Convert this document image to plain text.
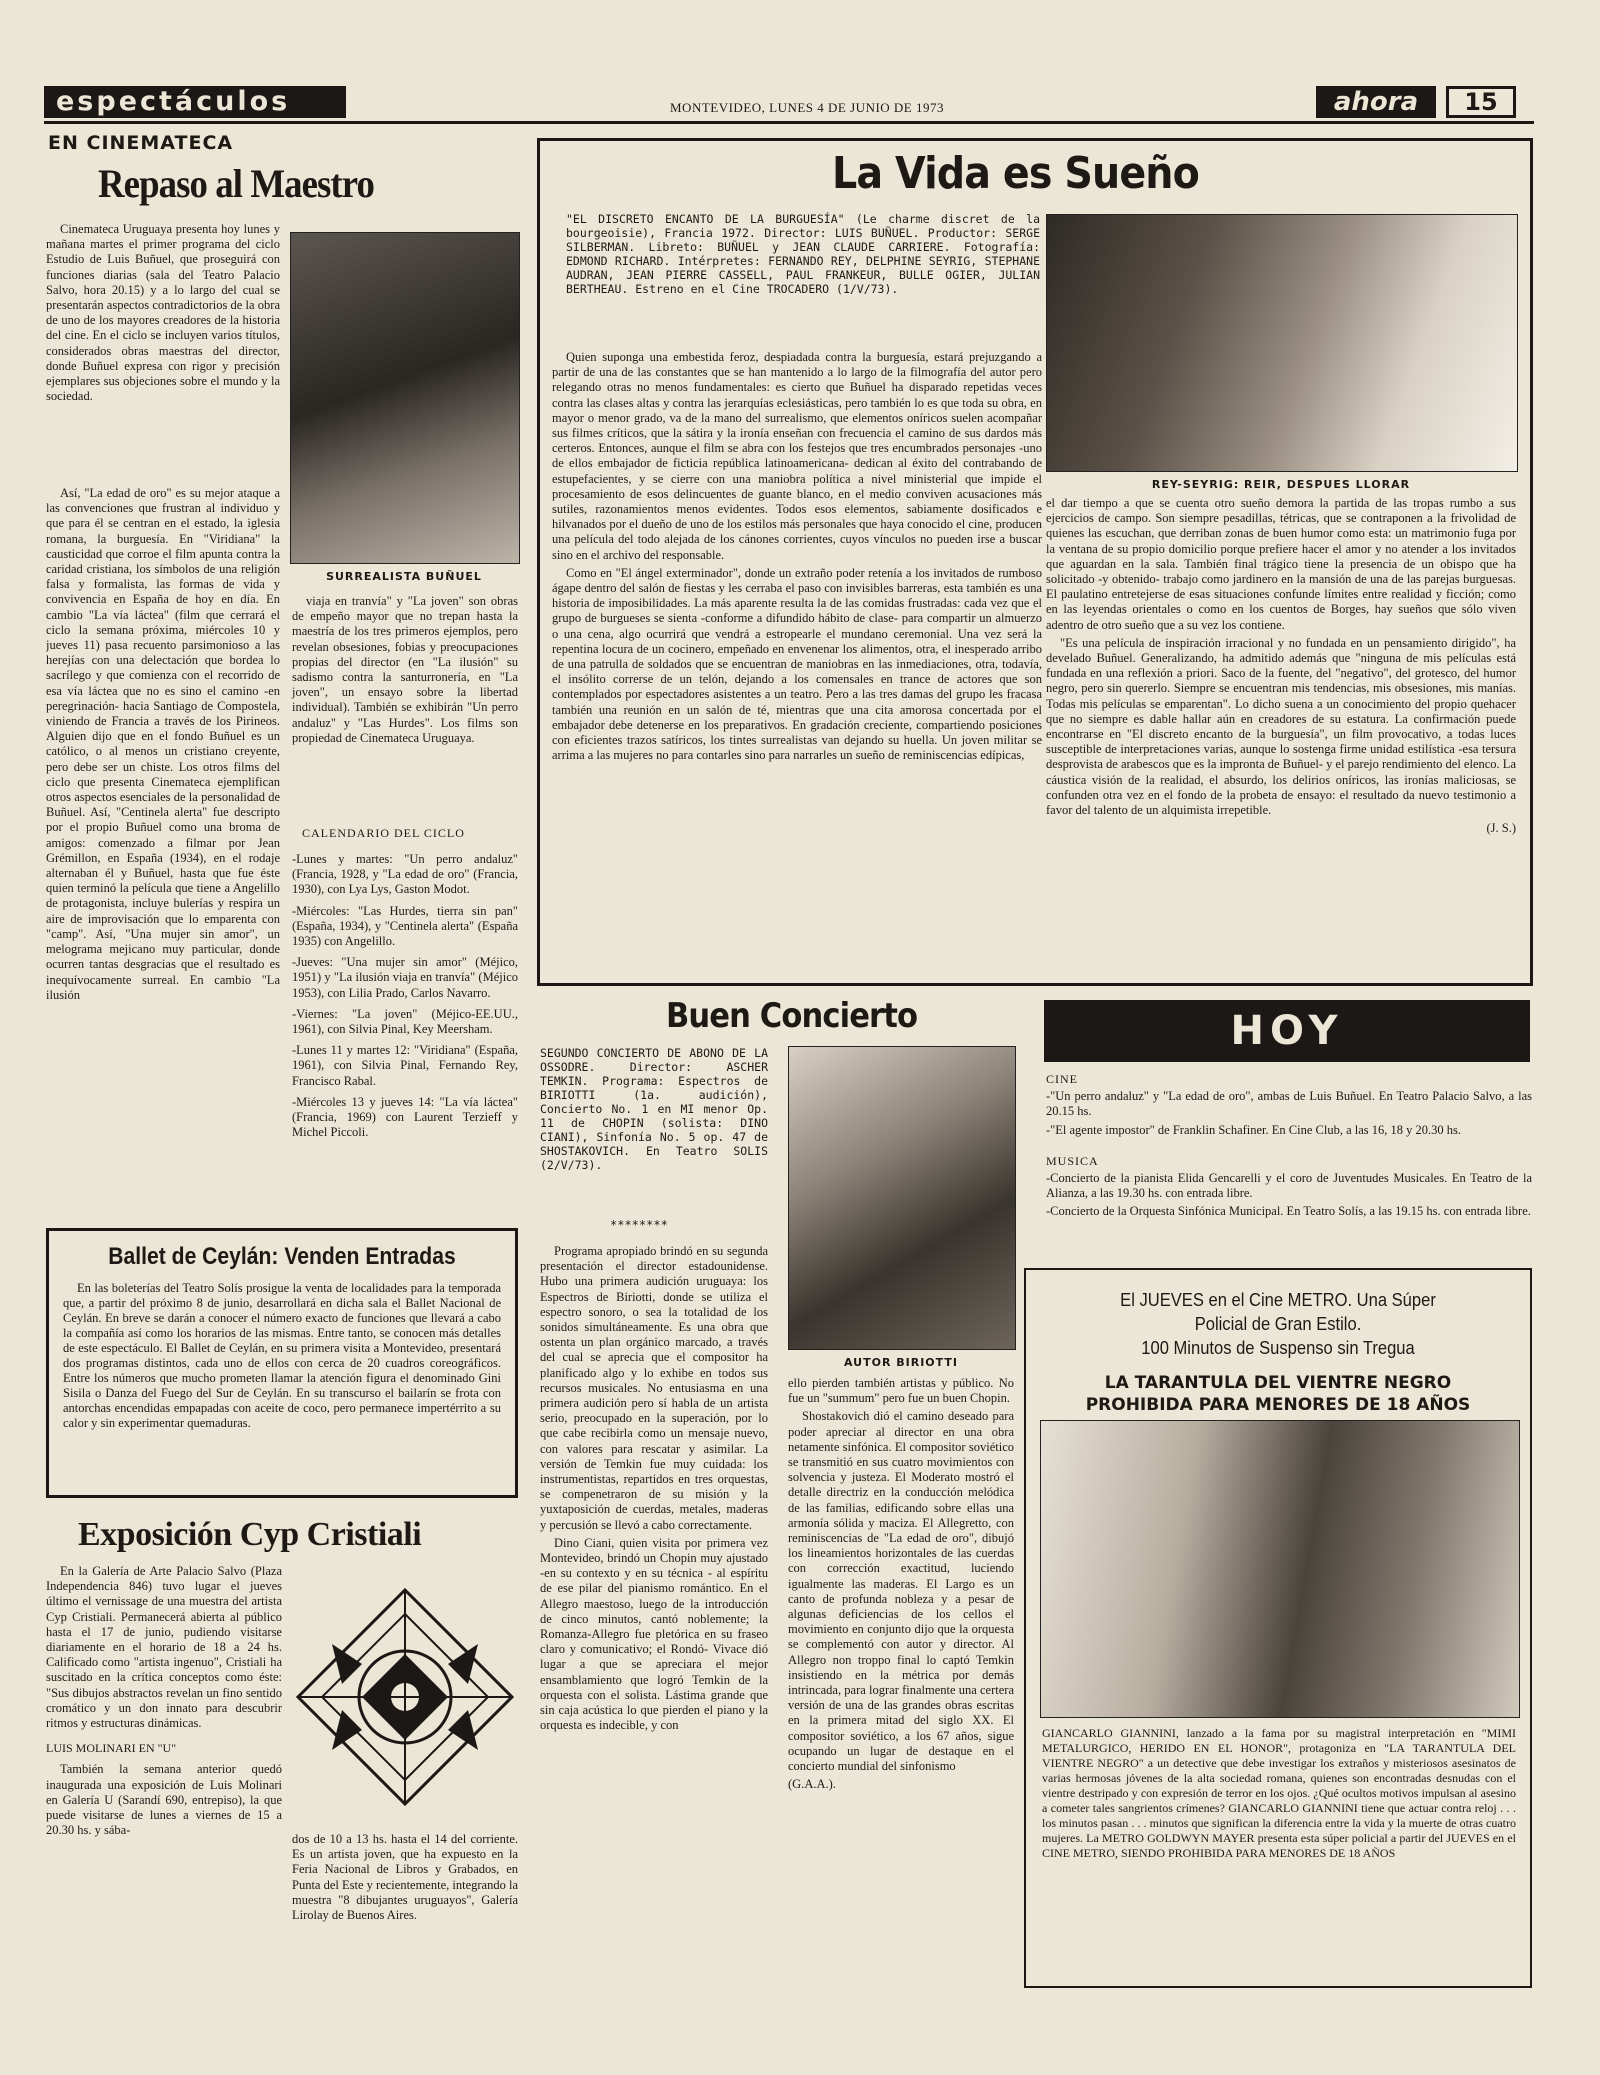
espectáculos	MONTEVIDEO, LUNES 4 DE JUNIO DE 1973	ahora	15
EN CINEMATECA
Repaso al Maestro

Cinemateca Uruguaya presenta hoy lunes y mañana martes el primer programa del ciclo Estudio de Luis Buñuel, que proseguirá con funciones diarias (sala del Teatro Palacio Salvo, hora 20.15) y a lo largo del cual se presentarán aspectos contradictorios de la obra de uno de los mayores creadores de la historia del cine. En el ciclo se incluyen varios títulos, considerados obras maestras del director, donde Buñuel expresa con rigor y precisión ejemplares sus objeciones sobre el mundo y la sociedad.

SURREALISTA BUÑUEL

Así, "La edad de oro" es su mejor ataque a las convenciones que frustran al individuo y que para él se centran en el estado, la iglesia romana, la burguesía. En "Viridiana" la causticidad que corroe el film apunta contra la caridad cristiana, los símbolos de una religión falsa y formalista, las formas de vida y convivencia en España de hoy en día. En cambio "La vía láctea" (film que cerrará el ciclo la semana próxima, miércoles 10 y jueves 11) pasa recuento parsimonioso a las herejías con una delectación que bordea lo sacrílego y que comienza con el recorrido de esa vía láctea que no es sino el camino -en peregrinación- hacia Santiago de Compostela, viniendo de Francia a través de los Pirineos. Alguien dijo que en el fondo Buñuel es un católico, o al menos un cristiano creyente, pero debe ser un chiste. Los otros films del ciclo que presenta Cinemateca ejemplifican otros aspectos esenciales de la personalidad de Buñuel. Así, "Centinela alerta" fue descripto por el propio Buñuel como una broma de amigos: comenzado a filmar por Jean Grémillon, en España (1934), en el rodaje alternaban él y Buñuel, hasta que fue éste quien terminó la película que tiene a Angelillo de protagonista, incluye bulerías y respira un aire de improvisación que lo emparenta con "camp". Así, "Una mujer sin amor", un melograma mejicano muy particular, donde ocurren tantas desgracias que el resultado es inequívocamente surreal. En cambio "La ilusión

viaja en tranvía" y "La joven" son obras de empeño mayor que no trepan hasta la maestría de los tres primeros ejemplos, pero revelan obsesiones, fobias y preocupaciones propias del director (en "La ilusión" su sadismo contra la santurronería, en "La joven", un ensayo sobre la libertad individual). También se exhibirán "Un perro andaluz" y "Las Hurdes". Los films son propiedad de Cinemateca Uruguaya.

CALENDARIO DEL CICLO

-Lunes y martes: "Un perro andaluz" (Francia, 1928, y "La edad de oro" (Francia, 1930), con Lya Lys, Gaston Modot.

-Miércoles: "Las Hurdes, tierra sin pan" (España, 1934), y "Centinela alerta" (España 1935) con Angelillo.

-Jueves: "Una mujer sin amor" (Méjico, 1951) y "La ilusión viaja en tranvía" (Méjico 1953), con Lilia Prado, Carlos Navarro.

-Viernes: "La joven" (Méjico-EE.UU., 1961), con Silvia Pinal, Key Meersham.

-Lunes 11 y martes 12: "Viridiana" (España, 1961), con Silvia Pinal, Fernando Rey, Francisco Rabal.

-Miércoles 13 y jueves 14: "La vía láctea" (Francia, 1969) con Laurent Terzieff y Michel Piccoli.

Ballet de Ceylán: Venden Entradas

En las boleterías del Teatro Solís prosigue la venta de localidades para la temporada que, a partir del próximo 8 de junio, desarrollará en dicha sala el Ballet Nacional de Ceylán. En breve se darán a conocer el número exacto de funciones que llevará a cabo la compañía así como los horarios de las mismas. Entre tanto, se conocen más detalles de este espectáculo. El Ballet de Ceylán, en su primera visita a Montevideo, presentará dos programas distintos, cada uno de ellos con cerca de 20 cuadros coreográficos. Entre los números que mucho prometen llamar la atención figura el denominado Gini Sisila o Danza del Fuego del Sur de Ceylán. En su transcurso el bailarín se frota con antorchas encendidas empapadas con aceite de coco, pero permanece impertérrito a su calor y sin experimentar quemaduras.

Exposición Cyp Cristiali

En la Galería de Arte Palacio Salvo (Plaza Independencia 846) tuvo lugar el jueves último el vernissage de una muestra del artista Cyp Cristiali. Permanecerá abierta al público hasta el 17 de junio, pudiendo visitarse diariamente en el horario de 18 a 24 hs. Calificado como "artista ingenuo", Cristiali ha suscitado en la crítica conceptos como éste: "Sus dibujos abstractos revelan un fino sentido cromático y un don innato para descubrir ritmos y estructuras dinámicas.

LUIS MOLINARI EN "U"

También la semana anterior quedó inaugurada una exposición de Luis Molinari en Galería U (Sarandí 690, entrepiso), la que puede visitarse de lunes a viernes de 15 a 20.30 hs. y sába-

dos de 10 a 13 hs. hasta el 14 del corriente. Es un artista joven, que ha expuesto en la Feria Nacional de Libros y Grabados, en Punta del Este y recientemente, integrando la muestra "8 dibujantes uruguayos", Galería Lirolay de Buenos Aires.

La Vida es Sueño
"EL DISCRETO ENCANTO DE LA BURGUESÍA" (Le charme discret de la bourgeoisie), Francia 1972. Director: LUIS BUÑUEL. Productor: SERGE SILBERMAN. Libreto: BUÑUEL y JEAN CLAUDE CARRIERE. Fotografía: EDMOND RICHARD. Intérpretes: FERNANDO REY, DELPHINE SEYRIG, STEPHANE AUDRAN, JEAN PIERRE CASSELL, PAUL FRANKEUR, BULLE OGIER, JULIAN BERTHEAU. Estreno en el Cine TROCADERO (1/V/73).

Quien suponga una embestida feroz, despiadada contra la burguesía, estará prejuzgando a partir de una de las constantes que se han mantenido a lo largo de la filmografía del autor pero relegando otras no menos fundamentales: es cierto que Buñuel ha disparado repetidas veces contra las clases altas y contra las jerarquías eclesiásticas, pero también lo es que toda su obra, en mayor o menor grado, va de la mano del surrealismo, que elementos oníricos suelen acompañar sus filmes críticos, que la sátira y la ironía enseñan con frecuencia el camino de sus dardos más certeros. Entonces, aunque el film se abra con los festejos que tres encumbrados personajes -uno de ellos embajador de ficticia república latinoamericana- dedican al éxito del contrabando de estupefacientes, y se cierre con una maniobra política a nivel ministerial que impide el procesamiento de esos delincuentes de guante blanco, en el medio conviven acusaciones más sutiles, razonamientos menos evidentes. Todos esos elementos, sabiamente dosificados e hilvanados por el dueño de uno de los estilos más personales que haya conocido el cine, producen una película del todo alejada de los cánones corrientes, cuyos vínculos no pueden irse a buscar sino en el archivo del responsable.

Como en "El ángel exterminador", donde un extraño poder retenía a los invitados de rumboso ágape dentro del salón de fiestas y les cerraba el paso con invisibles barreras, esta también es una historia de imposibilidades. La más aparente resulta la de las comidas frustradas: cada vez que el grupo de burgueses se sienta -conforme a difundido hábito de clase- para compartir un almuerzo o una cena, algo ocurrirá que vendrá a estropearle el mundano ceremonial. Una vez será la repentina locura de un cocinero, empeñado en envenenar los alimentos, otra, el inesperado arribo de una patrulla de soldados que se encuentran de maniobras en las inmediaciones, otra, todavía, el insólito correrse de un telón, dejando a los comensales en trance de actores que son contemplados por espectadores asistentes a un teatro. Pero a las tres damas del grupo les fracasa también una reunión en un salón de té, mientras que una cita amorosa concertada por el embajador debe detenerse en los preparativos. En gradación creciente, compartiendo posiciones con eficientes trazos satíricos, los tintes surrealistas van dejando su huella. Un joven militar se arrima a las mujeres no para contarles sino para narrarles un sueño de reminiscencias edípicas,

REY-SEYRIG: REIR, DESPUES LLORAR

el dar tiempo a que se cuenta otro sueño demora la partida de las tropas rumbo a sus ejercicios de campo. Son siempre pesadillas, tétricas, que se contraponen a la frivolidad de quienes las escuchan, que derriban zonas de buen humor como esta: un matrimonio fuga por la ventana de su propio domicilio porque prefiere hacer el amor y no atender a los invitados que aguardan en la sala. También final trágico tiene la presencia de un obispo que ha solicitado -y obtenido- trabajo como jardinero en la mansión de una de las parejas burguesas. El paulatino entretejerse de esas situaciones confunde límites entre realidad y ficción; como en las leyendas orientales o como en los cuentos de Borges, hay sueños que sólo viven adentro de otro sueño que a su vez los contiene.

"Es una película de inspiración irracional y no fundada en un pensamiento dirigido", ha develado Buñuel. Generalizando, ha admitido además que "ninguna de mis películas está fundada en una reflexión a priori. Saco de la fuente, del "negativo", del grotesco, del humor negro, pero sin quererlo. Siempre se encuentran mis tendencias, mis obsesiones, mis manías. Todas mis películas se emparentan". Lo dicho suena a un conocimiento del propio quehacer que no siempre es dable hallar aún en creadores de su estatura. La confirmación puede encontrarse en "El discreto encanto de la burguesía", un film provocativo, a todas luces susceptible de interpretaciones varias, aunque lo sostenga firme unidad estilística -esa tersura desprovista de arabescos que es la impronta de Buñuel- y el parejo rendimiento del elenco. La cáustica visión de la realidad, el absurdo, los delirios oníricos, las ironías maliciosas, se confunden otra vez en el fondo de la probeta de ensayo: el resultado da nuevo testimonio a favor del talento de un alquimista irrepetible.

(J. S.)
Buen Concierto
SEGUNDO CONCIERTO DE ABONO DE LA OSSODRE. Director: ASCHER TEMKIN. Programa: Espectros de BIRIOTTI (1a. audición), Concierto No. 1 en MI menor Op. 11 de CHOPIN (solista: DINO CIANI), Sinfonía No. 5 op. 47 de SHOSTAKOVICH. En Teatro SOLIS (2/V/73).
********

Programa apropiado brindó en su segunda presentación el director estadounidense. Hubo una primera audición uruguaya: los Espectros de Biriotti, donde se utiliza el espectro sonoro, o sea la totalidad de los sonidos simultáneamente. Es una obra que ostenta un plan orgánico marcado, a través del cual se aprecia que el compositor ha planificado algo y lo exhibe en todos sus recursos musicales. No entusiasma en una primera audición pero sí habla de un artista serio, preocupado en la superación, por lo que cabe recibirla como un mensaje nuevo, con valores para rescatar y asimilar. La versión de Temkin fue muy cuidada: los instrumentistas, repartidos en tres orquestas, se compenetraron de su misión y la yuxtaposición de cuerdas, metales, maderas y percusión se llevó a cabo correctamente.

Dino Ciani, quien visita por primera vez Montevideo, brindó un Chopin muy ajustado -en su contexto y en su técnica - al espíritu de ese pilar del pianismo romántico. En el Allegro maestoso, luego de la introducción de cinco minutos, cantó noblemente; la Romanza-Allegro fue pletórica en su fraseo claro y comunicativo; el Rondó- Vivace dió lugar a que se apreciara el mejor ensamblamiento que logró Temkin de la orquesta con el solista. Lástima grande que sin caja acústica lo que pierden el piano y la orquesta es indecible, y con

AUTOR BIRIOTTI

ello pierden también artistas y público. No fue un "summum" pero fue un buen Chopin.

Shostakovich dió el camino deseado para poder apreciar al director en una obra netamente sinfónica. El compositor soviético se transmitió en sus cuatro movimientos con solvencia y justeza. El Moderato mostró el detalle directriz en la conducción melódica de las familias, edificando sobre ellas una armonía sólida y maciza. El Allegretto, con reminiscencias de "La edad de oro", dibujó los lineamientos horizontales de las cuerdas con corrección exactitud, luciendo igualmente las maderas. El Largo es un canto de profunda nobleza y a pesar de algunas deficiencias de los cellos el movimiento en conjunto dijo que la orquesta se complementó con autor y director. Al Allegro non troppo final lo captó Temkin insistiendo en la métrica por demás intrincada, para lograr finalmente una certera versión de una de las grandes obras escritas en la primera mitad del siglo XX. El compositor soviético, a los 67 años, sigue ocupando un lugar de destaque en el concierto mundial del sinfonismo

(G.A.A.).
HOY
CINE

-"Un perro andaluz" y "La edad de oro", ambas de Luis Buñuel. En Teatro Palacio Salvo, a las 20.15 hs.

-"El agente impostor" de Franklin Schafiner. En Cine Club, a las 16, 18 y 20.30 hs.

MUSICA

-Concierto de la pianista Elida Gencarelli y el coro de Juventudes Musicales. En Teatro de la Alianza, a las 19.30 hs. con entrada libre.

-Concierto de la Orquesta Sinfónica Municipal. En Teatro Solís, a las 19.15 hs. con entrada libre.

El JUEVES en el Cine METRO. Una Súper
Policial de Gran Estilo.
100 Minutos de Suspenso sin Tregua
LA TARANTULA DEL VIENTRE NEGRO
PROHIBIDA PARA MENORES DE 18 AÑOS

GIANCARLO GIANNINI, lanzado a la fama por su magistral interpretación en "MIMI METALURGICO, HERIDO EN EL HONOR", protagoniza en "LA TARANTULA DEL VIENTRE NEGRO" a un detective que debe investigar los extraños y misteriosos asesinatos de varias hermosas jóvenes de la alta sociedad romana, quienes son encontradas desnudas con el vientre destripado y con expresión de terror en los ojos. ¿Qué ocultos motivos impulsan al asesino a cometer tales sangrientos crímenes? GIANCARLO GIANNINI tiene que actuar contra reloj . . . los minutos pasan . . . minutos que significan la diferencia entre la vida y la muerte de otras cuatro mujeres. La METRO GOLDWYN MAYER presenta esta súper policial a partir del JUEVES en el CINE METRO, SIENDO PROHIBIDA PARA MENORES DE 18 AÑOS
